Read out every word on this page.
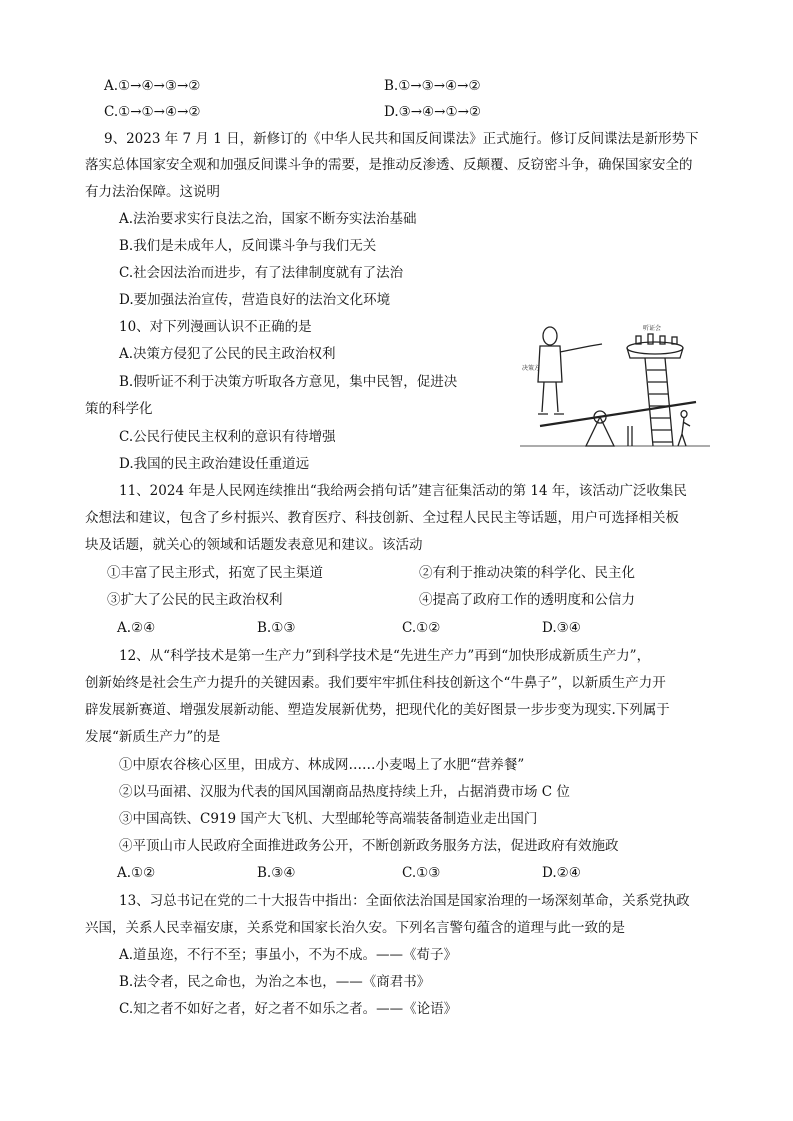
A.①→④→③→②	B.①→③→④→②
C.①→①→④→②	D.③→④→①→②
9、2023 年 7 月 1 日，新修订的《中华人民共和国反间谍法》正式施行。修订反间谍法是新形势下
落实总体国家安全观和加强反间谍斗争的需要，是推动反渗透、反颠覆、反窃密斗争，确保国家安全的
有力法治保障。这说明
A.法治要求实行良法之治，国家不断夯实法治基础
B.我们是未成年人，反间谍斗争与我们无关
C.社会因法治而进步，有了法律制度就有了法治
D.要加强法治宣传，营造良好的法治文化环境
10、对下列漫画认识不正确的是
A.决策方侵犯了公民的民主政治权利
B.假听证不利于决策方听取各方意见，集中民智，促进决
策的科学化
C.公民行使民主权利的意识有待增强
D.我国的民主政治建设任重道远
决策方
听证会
11、2024 年是人民网连续推出“我给两会捎句话”建言征集活动的第 14 年，该活动广泛收集民
众想法和建议，包含了乡村振兴、教育医疗、科技创新、全过程人民民主等话题，用户可选择相关板
块及话题，就关心的领域和话题发表意见和建议。该活动
①丰富了民主形式，拓宽了民主渠道	②有利于推动决策的科学化、民主化
③扩大了公民的民主政治权利	④提高了政府工作的透明度和公信力
A.②④	B.①③	C.①②	D.③④
12、从“科学技术是第一生产力”到科学技术是“先进生产力”再到“加快形成新质生产力”，
创新始终是社会生产力提升的关键因素。我们要牢牢抓住科技创新这个“牛鼻子”，以新质生产力开
辟发展新赛道、增强发展新动能、塑造发展新优势，把现代化的美好图景一步步变为现实.下列属于
发展“新质生产力”的是
①中原农谷核心区里，田成方、林成网……小麦喝上了水肥“营养餐”
②以马面裙、汉服为代表的国风国潮商品热度持续上升，占据消费市场 C 位
③中国高铁、C919 国产大飞机、大型邮轮等高端装备制造业走出国门
④平顶山市人民政府全面推进政务公开，不断创新政务服务方法，促进政府有效施政
A.①②	B.③④	C.①③	D.②④
13、习总书记在党的二十大报告中指出：全面依法治国是国家治理的一场深刻革命，关系党执政
兴国，关系人民幸福安康，关系党和国家长治久安。下列名言警句蕴含的道理与此一致的是
A.道虽迩，不行不至；事虽小，不为不成。——《荀子》
B.法令者，民之命也，为治之本也，——《商君书》
C.知之者不如好之者，好之者不如乐之者。——《论语》
